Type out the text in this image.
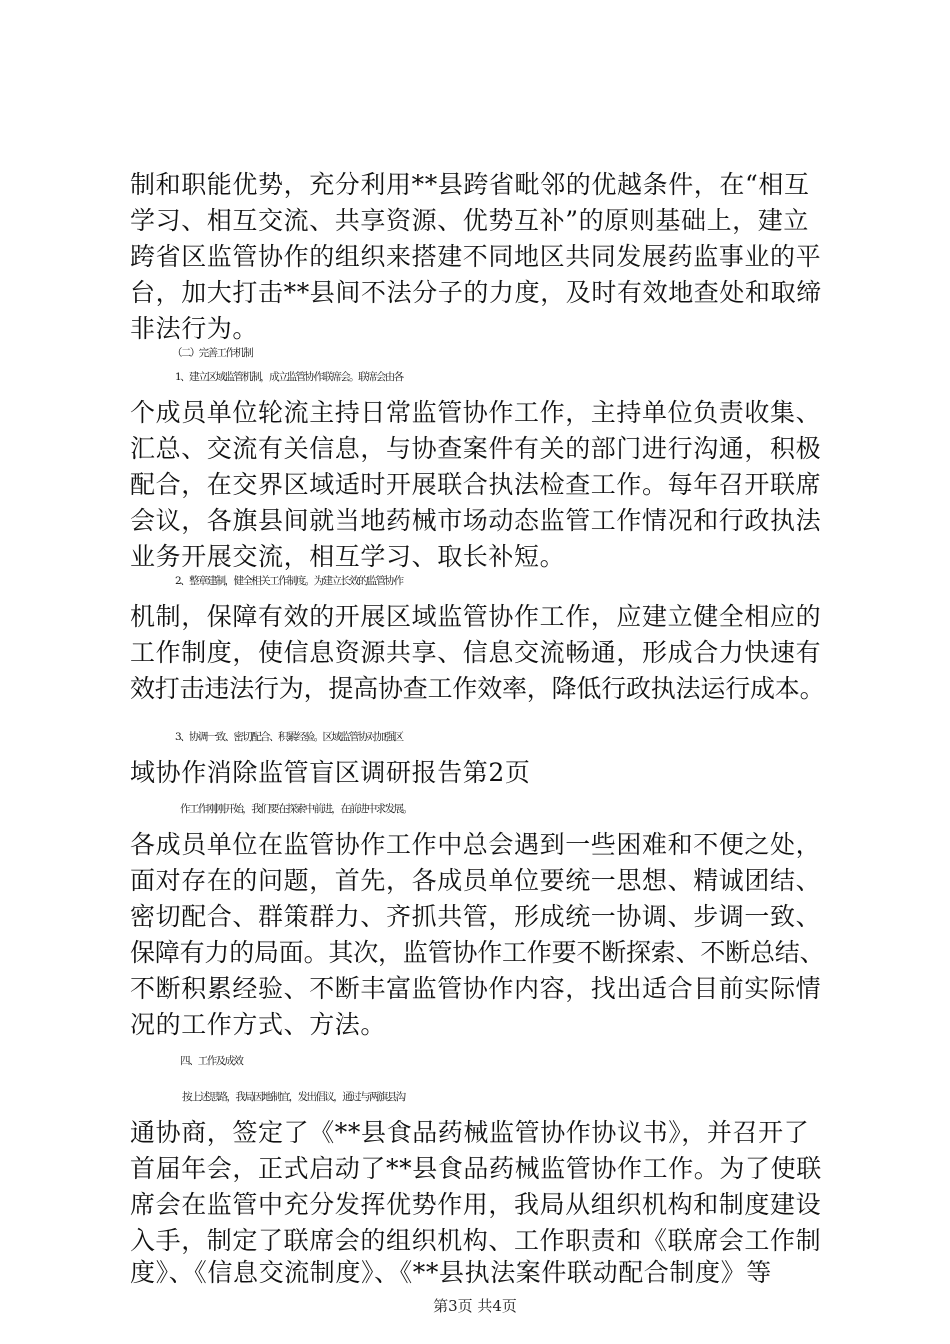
制和职能优势，充分利用**县跨省毗邻的优越条件，在“相互
学习、相互交流、共享资源、优势互补”的原则基础上，建立
跨省区监管协作的组织来搭建不同地区共同发展药监事业的平
台，加大打击**县间不法分子的力度，及时有效地查处和取缔
非法行为。
（二）完善工作机制
1、建立区域监管机制，成立监管协作联席会。联席会由各
个成员单位轮流主持日常监管协作工作，主持单位负责收集、
汇总、交流有关信息，与协查案件有关的部门进行沟通，积极
配合，在交界区域适时开展联合执法检查工作。每年召开联席
会议，各旗县间就当地药械市场动态监管工作情况和行政执法
业务开展交流，相互学习、取长补短。
2、整章建制，健全相关工作制度。为建立长效的监管协作
机制，保障有效的开展区域监管协作工作，应建立健全相应的
工作制度，使信息资源共享、信息交流畅通，形成合力快速有
效打击违法行为，提高协查工作效率，降低行政执法运行成本。
3、协调一致、密切配合、积累经验。区域监管协对加强区
域协作消除监管盲区调研报告第2页
作工作刚刚开始，我们要在探索中前进，在前进中求发展。
各成员单位在监管协作工作中总会遇到一些困难和不便之处，
面对存在的问题，首先，各成员单位要统一思想、精诚团结、
密切配合、群策群力、齐抓共管，形成统一协调、步调一致、
保障有力的局面。其次，监管协作工作要不断探索、不断总结、
不断积累经验、不断丰富监管协作内容，找出适合目前实际情
况的工作方式、方法。
四、工作及成效
按上述思路，我局因地制宜，发出倡议，通过与两旗县沟
通协商，签定了《**县食品药械监管协作协议书》，并召开了
首届年会，正式启动了**县食品药械监管协作工作。为了使联
席会在监管中充分发挥优势作用，我局从组织机构和制度建设
入手，制定了联席会的组织机构、工作职责和《联席会工作制
度》、《信息交流制度》、《**县执法案件联动配合制度》等
第3页 共4页
